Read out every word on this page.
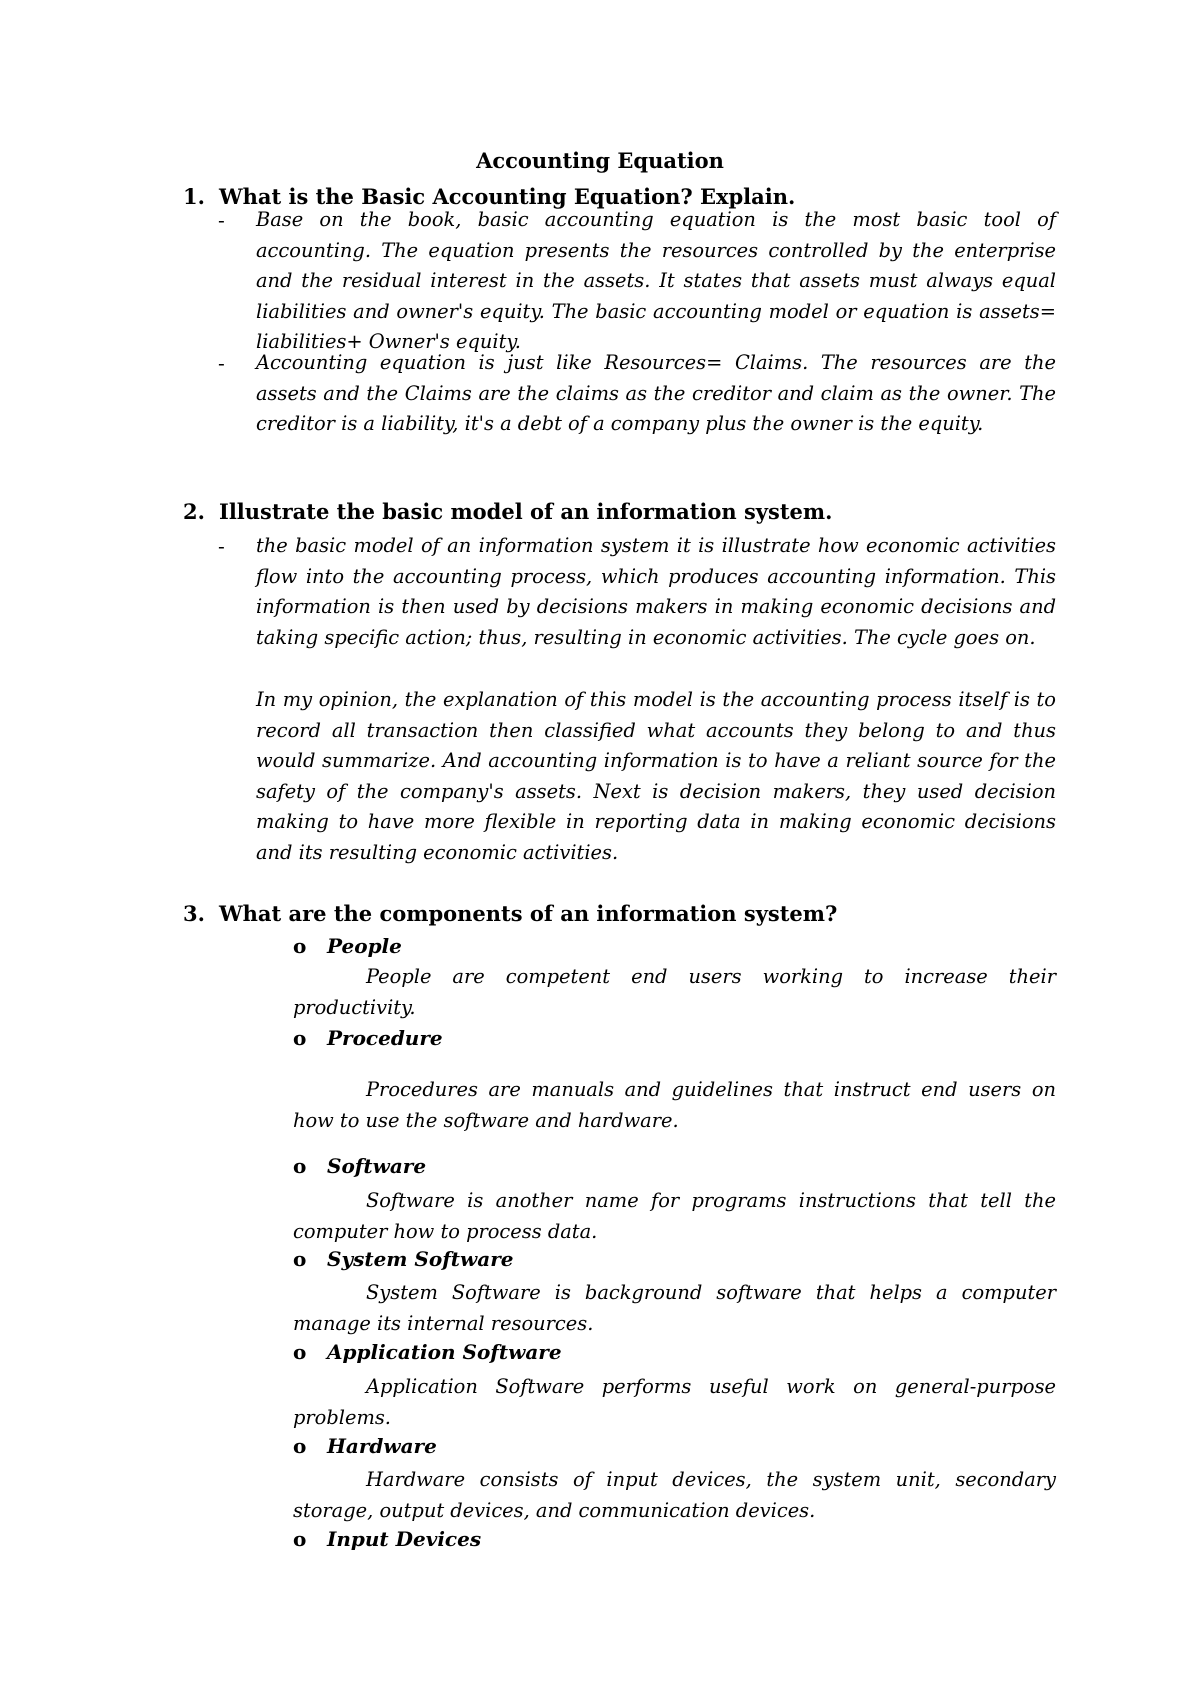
Accounting Equation
1. What is the Basic Accounting Equation? Explain.
- Base on the book, basic accounting equation is the most basic tool of accounting. The equation presents the resources controlled by the enterprise and the residual interest in the assets. It states that assets must always equal liabilities and owner's equity. The basic accounting model or equation is assets= liabilities+ Owner's equity.
- Accounting equation is just like Resources= Claims. The resources are the assets and the Claims are the claims as the creditor and claim as the owner. The creditor is a liability, it's a debt of a company plus the owner is the equity.
2. Illustrate the basic model of an information system.
- the basic model of an information system it is illustrate how economic activities flow into the accounting process, which produces accounting information. This information is then used by decisions makers in making economic decisions and taking specific action; thus, resulting in economic activities. The cycle goes on.
In my opinion, the explanation of this model is the accounting process itself is to record all transaction then classified what accounts they belong to and thus would summarize. And accounting information is to have a reliant source for the safety of the company's assets. Next is decision makers, they used decision making to have more flexible in reporting data in making economic decisions and its resulting economic activities.
3. What are the components of an information system?
o People
People are competent end users working to increase their productivity.
o Procedure
Procedures are manuals and guidelines that instruct end users on how to use the software and hardware.
o Software
Software is another name for programs instructions that tell the computer how to process data.
o System Software
System Software is background software that helps a computer manage its internal resources.
o Application Software
Application Software performs useful work on general-purpose problems.
o Hardware
Hardware consists of input devices, the system unit, secondary storage, output devices, and communication devices.
o Input Devices
